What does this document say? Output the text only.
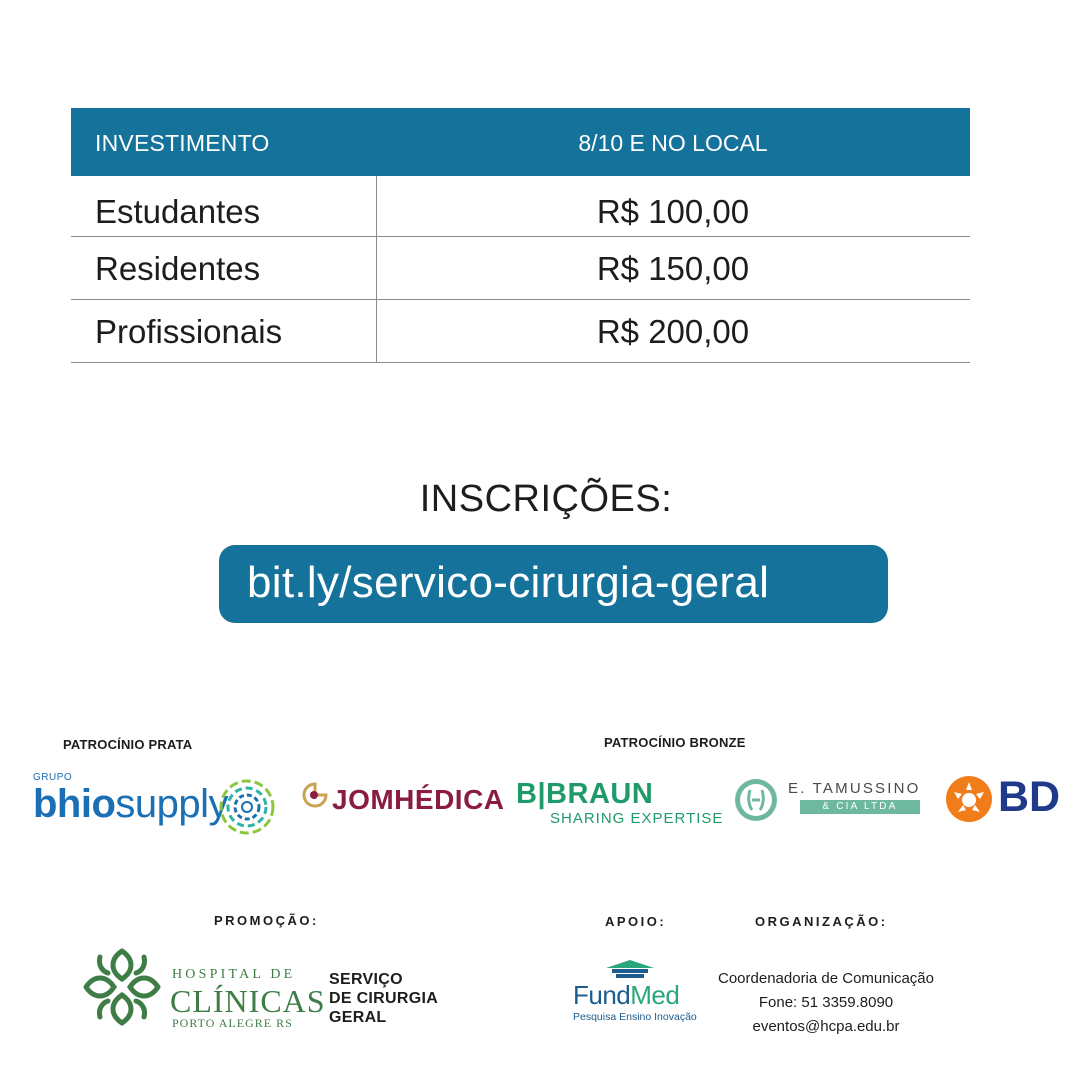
INVESTIMENTO	8/10 E NO LOCAL
Estudantes	R$ 100,00
Residentes	R$ 150,00
Profissionais	R$ 200,00
INSCRIÇÕES:
bit.ly/servico-cirurgia-geral
PATROCÍNIO PRATA	PATROCÍNIO BRONZE
GRUPO
bhiosupply	JOMHÉDICA B|BRAUN
SHARING EXPERTISE
E. TAMUSSINO
& CIA LTDA	BD
PROMOÇÃO:	APOIO:	ORGANIZAÇÃO:
HOSPITAL DE
CLÍNICAS
PORTO ALEGRE RS
SERVIÇO
DE CIRURGIA
GERAL
FundMed
Pesquisa Ensino Inovação
Coordenadoria de Comunicação
Fone: 51 3359.8090
eventos@hcpa.edu.br
